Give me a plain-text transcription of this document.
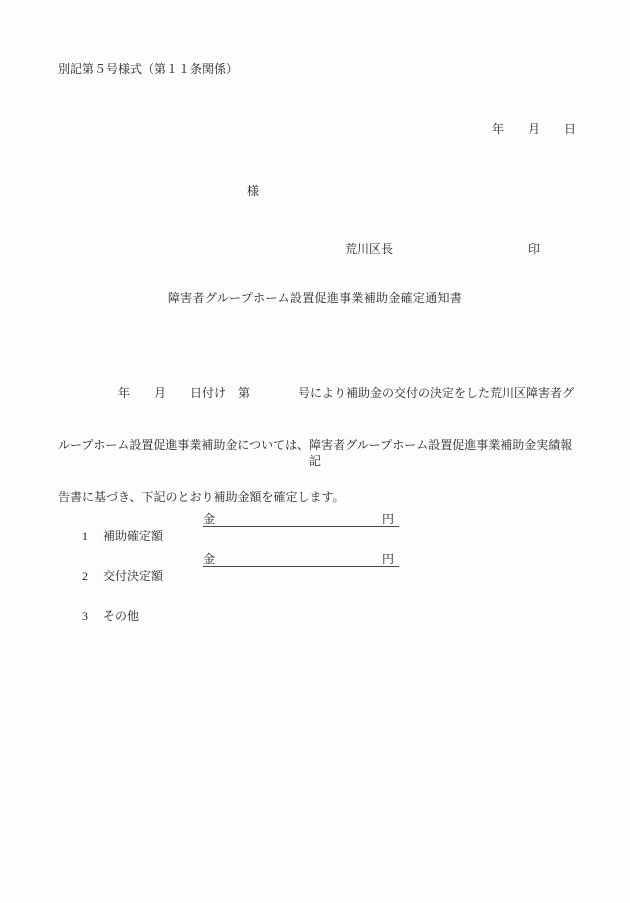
別記第５号様式（第１１条関係）
年　　月　　日
様
荒川区長	印
障害者グループホーム設置促進事業補助金確定通知書

　　　　　年　　月　　日付け　第　　　　号により補助金の交付の決定をした荒川区障害者グ

ループホーム設置促進事業補助金については、障害者グループホーム設置促進事業補助金実績報

告書に基づき、下記のとおり補助金額を確定します。

記

1 補助確定額

金	円

2 交付決定額

金	円

3 その他
